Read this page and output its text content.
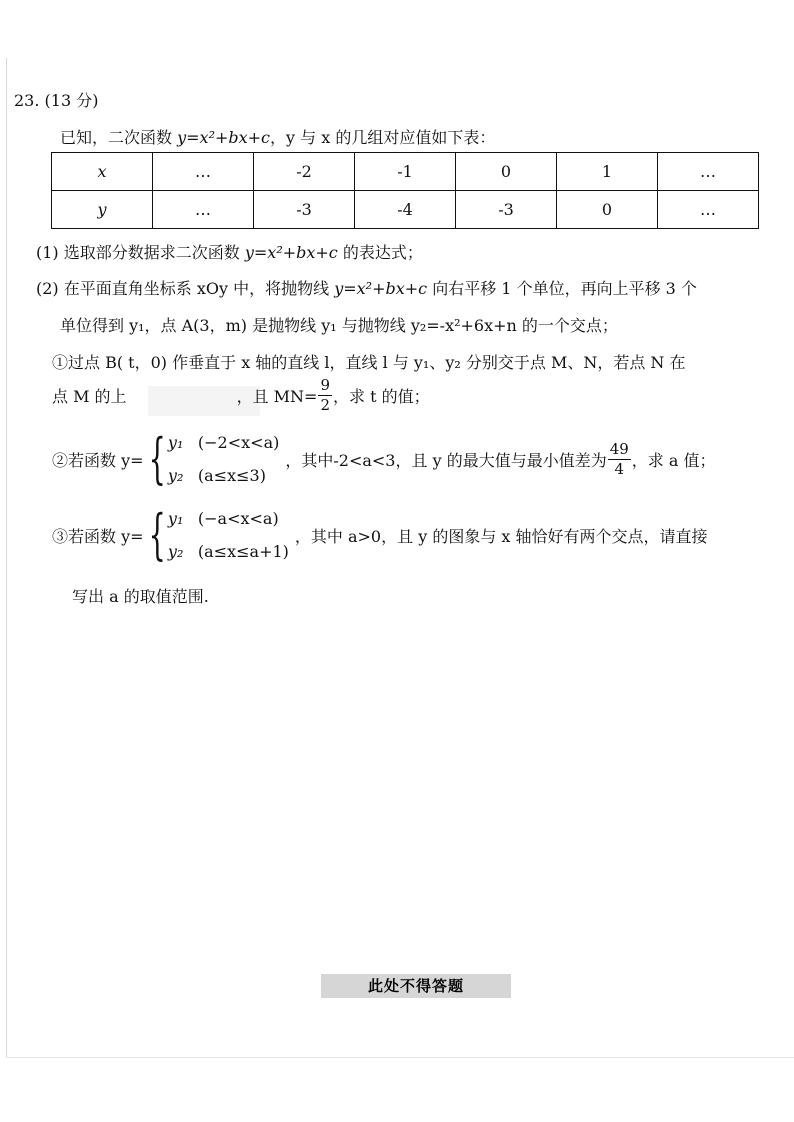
23. (13 分)
已知，二次函数 y=x²+bx+c，y 与 x 的几组对应值如下表：
x	…	-2	-1	0	1	…
y	…	-3	-4	-3	0	…
(1) 选取部分数据求二次函数 y=x²+bx+c 的表达式；
(2) 在平面直角坐标系 xOy 中，将抛物线 y=x²+bx+c 向右平移 1 个单位，再向上平移 3 个
单位得到 y₁，点 A(3，m) 是抛物线 y₁ 与抛物线 y₂=-x²+6x+n 的一个交点；
①过点 B( t，0) 作垂直于 x 轴的直线 l，直线 l 与 y₁、y₂ 分别交于点 M、N，若点 N 在
点 M 的上	，且 $MN= \frac{9}{2}$ ，求 t 的值；
②若函数 y= { y₁ (−2<x<a)
y₂ (a≤x≤3)
，其中-2<a<3，且 y 的最大值与最小值差为 $\frac{49}{4}$ ，求 a 值；
③若函数 y= { y₁ (−a<x<a)
y₂ (a≤x≤a+1)
，其中 a>0，且 y 的图象与 x 轴恰好有两个交点，请直接
写出 a 的取值范围.
此处不得答题
